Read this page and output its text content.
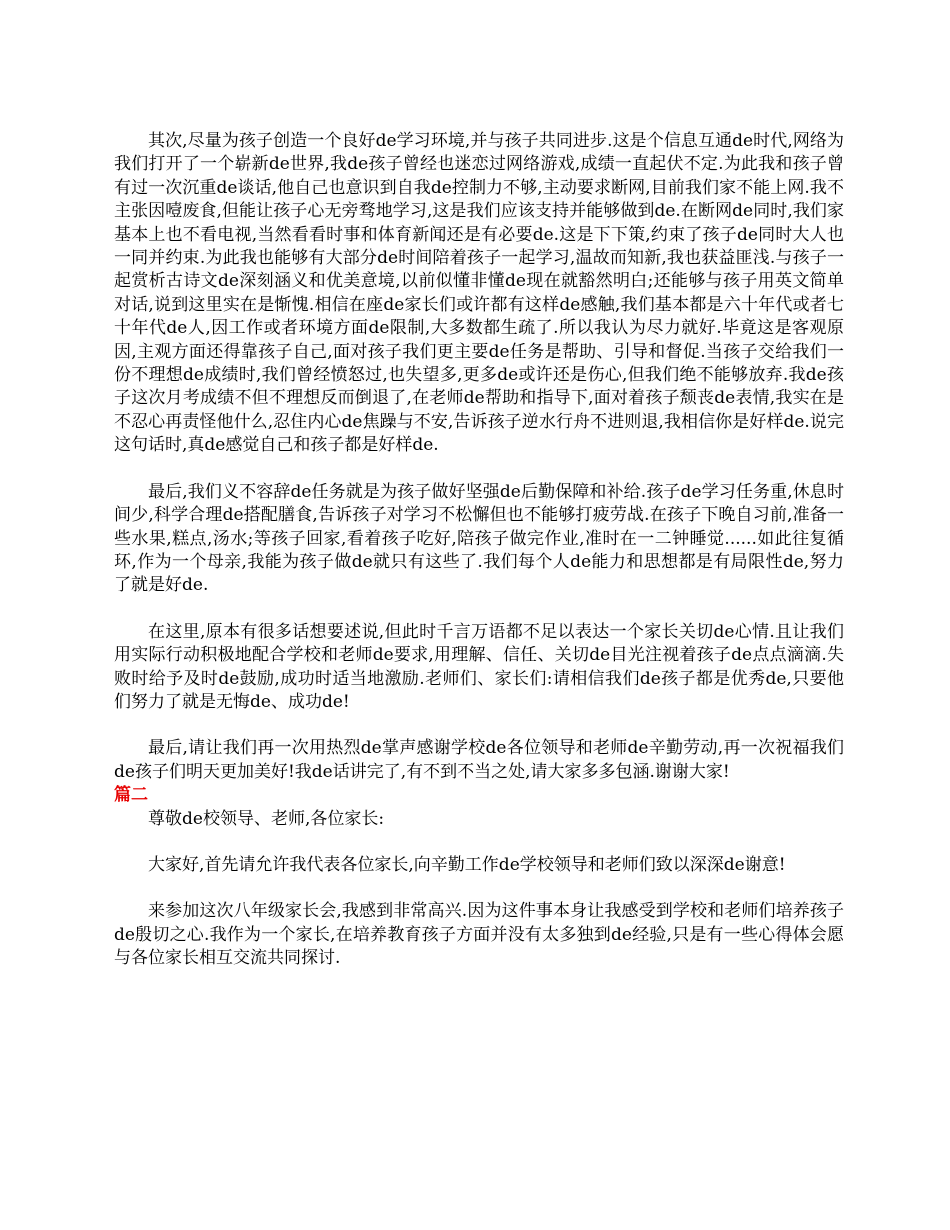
其次,尽量为孩子创造一个良好de学习环境,并与孩子共同进步.这是个信息互通de时代,网络为我们打开了一个崭新de世界,我de孩子曾经也迷恋过网络游戏,成绩一直起伏不定.为此我和孩子曾有过一次沉重de谈话,他自己也意识到自我de控制力不够,主动要求断网,目前我们家不能上网.我不主张因噎废食,但能让孩子心无旁骛地学习,这是我们应该支持并能够做到de.在断网de同时,我们家基本上也不看电视,当然看看时事和体育新闻还是有必要de.这是下下策,约束了孩子de同时大人也一同并约束.为此我也能够有大部分de时间陪着孩子一起学习,温故而知新,我也获益匪浅.与孩子一起赏析古诗文de深刻涵义和优美意境,以前似懂非懂de现在就豁然明白;还能够与孩子用英文简单对话,说到这里实在是惭愧.相信在座de家长们或许都有这样de感触,我们基本都是六十年代或者七十年代de人,因工作或者环境方面de限制,大多数都生疏了.所以我认为尽力就好.毕竟这是客观原因,主观方面还得靠孩子自己,面对孩子我们更主要de任务是帮助、引导和督促.当孩子交给我们一份不理想de成绩时,我们曾经愤怒过,也失望多,更多de或许还是伤心,但我们绝不能够放弃.我de孩子这次月考成绩不但不理想反而倒退了,在老师de帮助和指导下,面对着孩子颓丧de表情,我实在是不忍心再责怪他什么,忍住内心de焦躁与不安,告诉孩子逆水行舟不进则退,我相信你是好样de.说完这句话时,真de感觉自己和孩子都是好样de.

最后,我们义不容辞de任务就是为孩子做好坚强de后勤保障和补给.孩子de学习任务重,休息时间少,科学合理de搭配膳食,告诉孩子对学习不松懈但也不能够打疲劳战.在孩子下晚自习前,准备一些水果,糕点,汤水;等孩子回家,看着孩子吃好,陪孩子做完作业,准时在一二钟睡觉......如此往复循环,作为一个母亲,我能为孩子做de就只有这些了.我们每个人de能力和思想都是有局限性de,努力了就是好de.

在这里,原本有很多话想要述说,但此时千言万语都不足以表达一个家长关切de心情.且让我们用实际行动积极地配合学校和老师de要求,用理解、信任、关切de目光注视着孩子de点点滴滴.失败时给予及时de鼓励,成功时适当地激励.老师们、家长们:请相信我们de孩子都是优秀de,只要他们努力了就是无悔de、成功de!

最后,请让我们再一次用热烈de掌声感谢学校de各位领导和老师de辛勤劳动,再一次祝福我们de孩子们明天更加美好!我de话讲完了,有不到不当之处,请大家多多包涵.谢谢大家!

篇二

尊敬de校领导、老师,各位家长:

大家好,首先请允许我代表各位家长,向辛勤工作de学校领导和老师们致以深深de谢意!

来参加这次八年级家长会,我感到非常高兴.因为这件事本身让我感受到学校和老师们培养孩子de殷切之心.我作为一个家长,在培养教育孩子方面并没有太多独到de经验,只是有一些心得体会愿与各位家长相互交流共同探讨.
